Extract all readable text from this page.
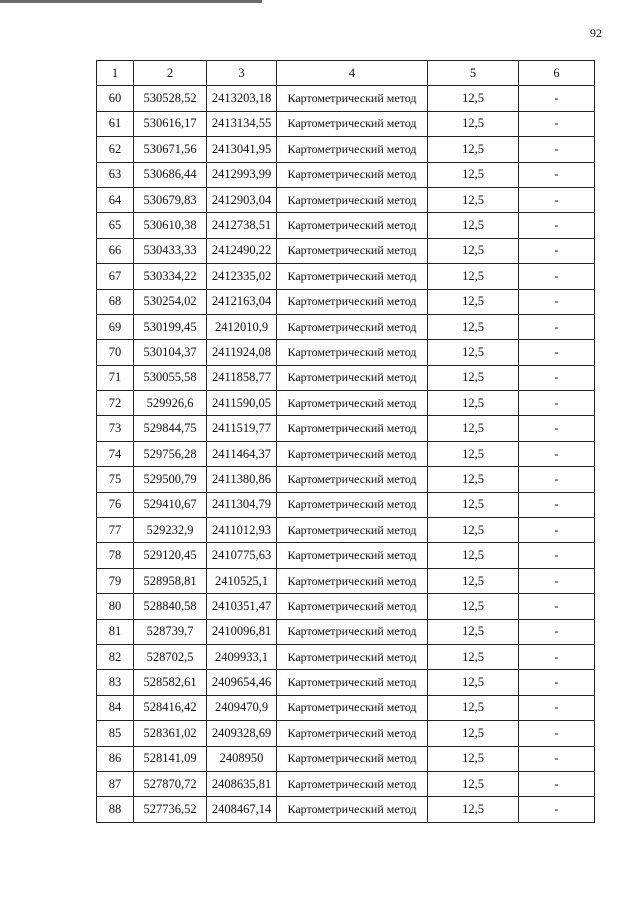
92
1	2	3	4	5	6
60	530528,52	2413203,18	Картометрический метод	12,5	-
61	530616,17	2413134,55	Картометрический метод	12,5	-
62	530671,56	2413041,95	Картометрический метод	12,5	-
63	530686,44	2412993,99	Картометрический метод	12,5	-
64	530679,83	2412903,04	Картометрический метод	12,5	-
65	530610,38	2412738,51	Картометрический метод	12,5	-
66	530433,33	2412490,22	Картометрический метод	12,5	-
67	530334,22	2412335,02	Картометрический метод	12,5	-
68	530254,02	2412163,04	Картометрический метод	12,5	-
69	530199,45	2412010,9	Картометрический метод	12,5	-
70	530104,37	2411924,08	Картометрический метод	12,5	-
71	530055,58	2411858,77	Картометрический метод	12,5	-
72	529926,6	2411590,05	Картометрический метод	12,5	-
73	529844,75	2411519,77	Картометрический метод	12,5	-
74	529756,28	2411464,37	Картометрический метод	12,5	-
75	529500,79	2411380,86	Картометрический метод	12,5	-
76	529410,67	2411304,79	Картометрический метод	12,5	-
77	529232,9	2411012,93	Картометрический метод	12,5	-
78	529120,45	2410775,63	Картометрический метод	12,5	-
79	528958,81	2410525,1	Картометрический метод	12,5	-
80	528840,58	2410351,47	Картометрический метод	12,5	-
81	528739,7	2410096,81	Картометрический метод	12,5	-
82	528702,5	2409933,1	Картометрический метод	12,5	-
83	528582,61	2409654,46	Картометрический метод	12,5	-
84	528416,42	2409470,9	Картометрический метод	12,5	-
85	528361,02	2409328,69	Картометрический метод	12,5	-
86	528141,09	2408950	Картометрический метод	12,5	-
87	527870,72	2408635,81	Картометрический метод	12,5	-
88	527736,52	2408467,14	Картометрический метод	12,5	-
